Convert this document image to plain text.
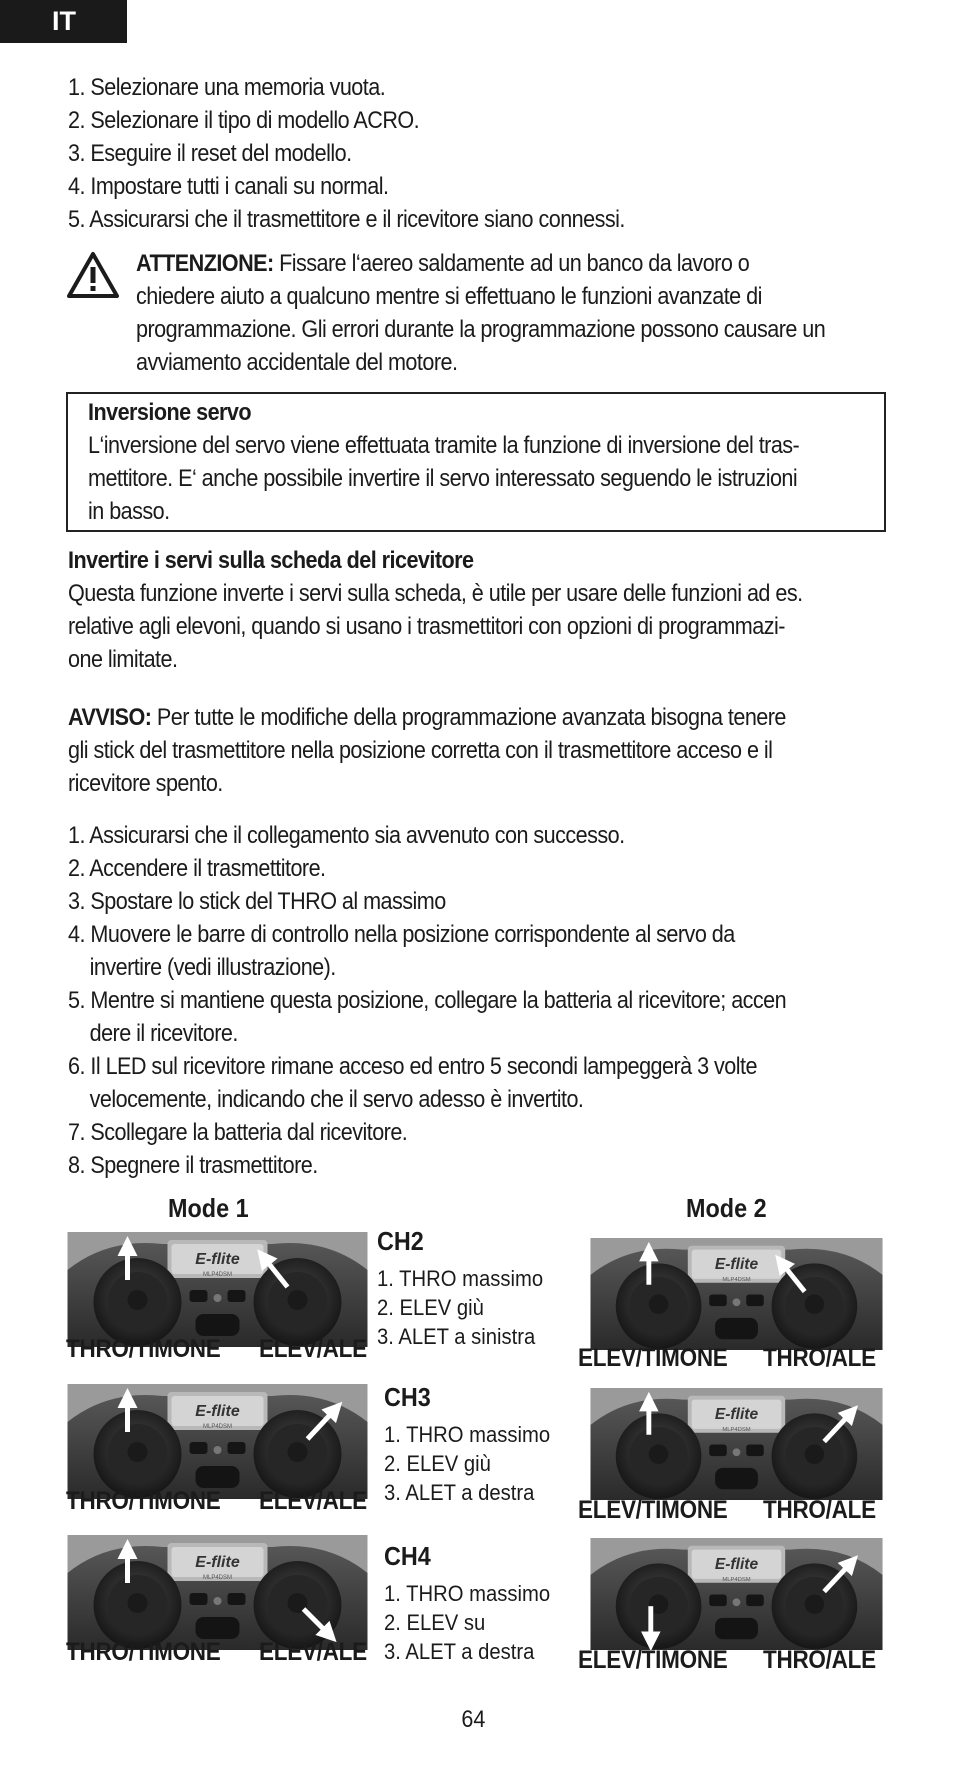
IT
1. Selezionare una memoria vuota.
2. Selezionare il tipo di modello ACRO.
3. Eseguire il reset del modello.
4. Impostare tutti i canali su normal.
5. Assicurarsi che il trasmettitore e il ricevitore siano connessi.
ATTENZIONE: Fissare l‘aereo saldamente ad un banco da lavoro o
chiedere aiuto a qualcuno mentre si effettuano le funzioni avanzate di
programmazione. Gli errori durante la programmazione possono causare un
avviamento accidentale del motore.
Inversione servo
L‘inversione del servo viene effettuata tramite la funzione di inversione del tras-
mettitore. E‘ anche possibile invertire il servo interessato seguendo le istruzioni
in basso.
Invertire i servi sulla scheda del ricevitore
Questa funzione inverte i servi sulla scheda, è utile per usare delle funzioni ad es.
relative agli elevoni, quando si usano i trasmettitori con opzioni di programmazi-
one limitate.
AVVISO: Per tutte le modifiche della programmazione avanzata bisogna tenere
gli stick del trasmettitore nella posizione corretta con il trasmettitore acceso e il
ricevitore spento.
1. Assicurarsi che il collegamento sia avvenuto con successo.
2. Accendere il trasmettitore.
3. Spostare lo stick del THRO al massimo
4. Muovere le barre di controllo nella posizione corrispondente al servo da
invertire (vedi illustrazione).
5. Mentre si mantiene questa posizione, collegare la batteria al ricevitore; accen
dere il ricevitore.
6. Il LED sul ricevitore rimane acceso ed entro 5 secondi lampeggerà 3 volte
velocemente, indicando che il servo adesso è invertito.
7. Scollegare la batteria dal ricevitore.
8. Spegnere il trasmettitore.
Mode 1	Mode 2
E-flite
MLP4DSM
THRO/TIMONE ELEV/ALE
E-flite
MLP4DSM
THRO/TIMONE ELEV/ALE
E-flite
MLP4DSM
THRO/TIMONE ELEV/ALE
CH2
1. THRO massimo
2. ELEV giù
3. ALET a sinistra
CH3
1. THRO massimo
2. ELEV giù
3. ALET a destra
CH4
1. THRO massimo
2. ELEV su
3. ALET a destra
E-flite
MLP4DSM
ELEV/TIMONE THRO/ALE
E-flite
MLP4DSM
ELEV/TIMONE THRO/ALE
E-flite
MLP4DSM
ELEV/TIMONE THRO/ALE
64
